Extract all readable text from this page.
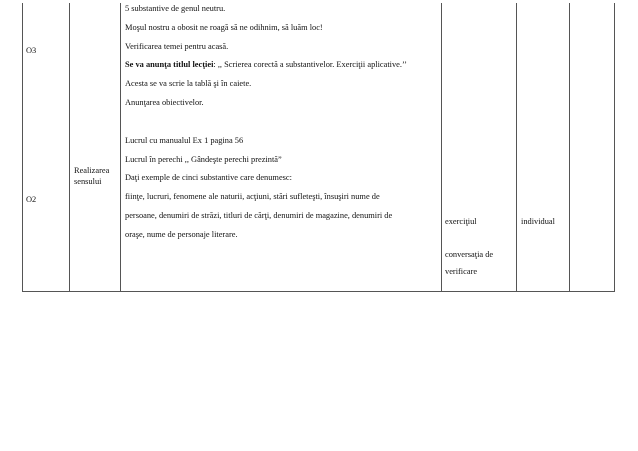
O3
O2
Realizarea
sensului
5 substantive de genul neutru.
Moşul nostru a obosit ne roagă să ne odihnim, să luăm loc!
Verificarea temei pentru acasă.
Se va anunţa titlul lecţiei: ,, Scrierea corectă a substantivelor. Exerciţii aplicative.’’
Acesta se va scrie la tablă şi în caiete.
Anunţarea obiectivelor.
Lucrul cu manualul Ex 1 pagina 56
Lucrul în perechi ,, Gândeşte perechi prezintă”
Daţi exemple de cinci substantive care denumesc:
fiinţe, lucruri, fenomene ale naturii, acţiuni, stări sufleteşti, însuşiri nume de
persoane, denumiri de străzi, titluri de cărţi, denumiri de magazine, denumiri de
oraşe, nume de personaje literare.
exerciţiul
conversaţia de
verificare
individual
